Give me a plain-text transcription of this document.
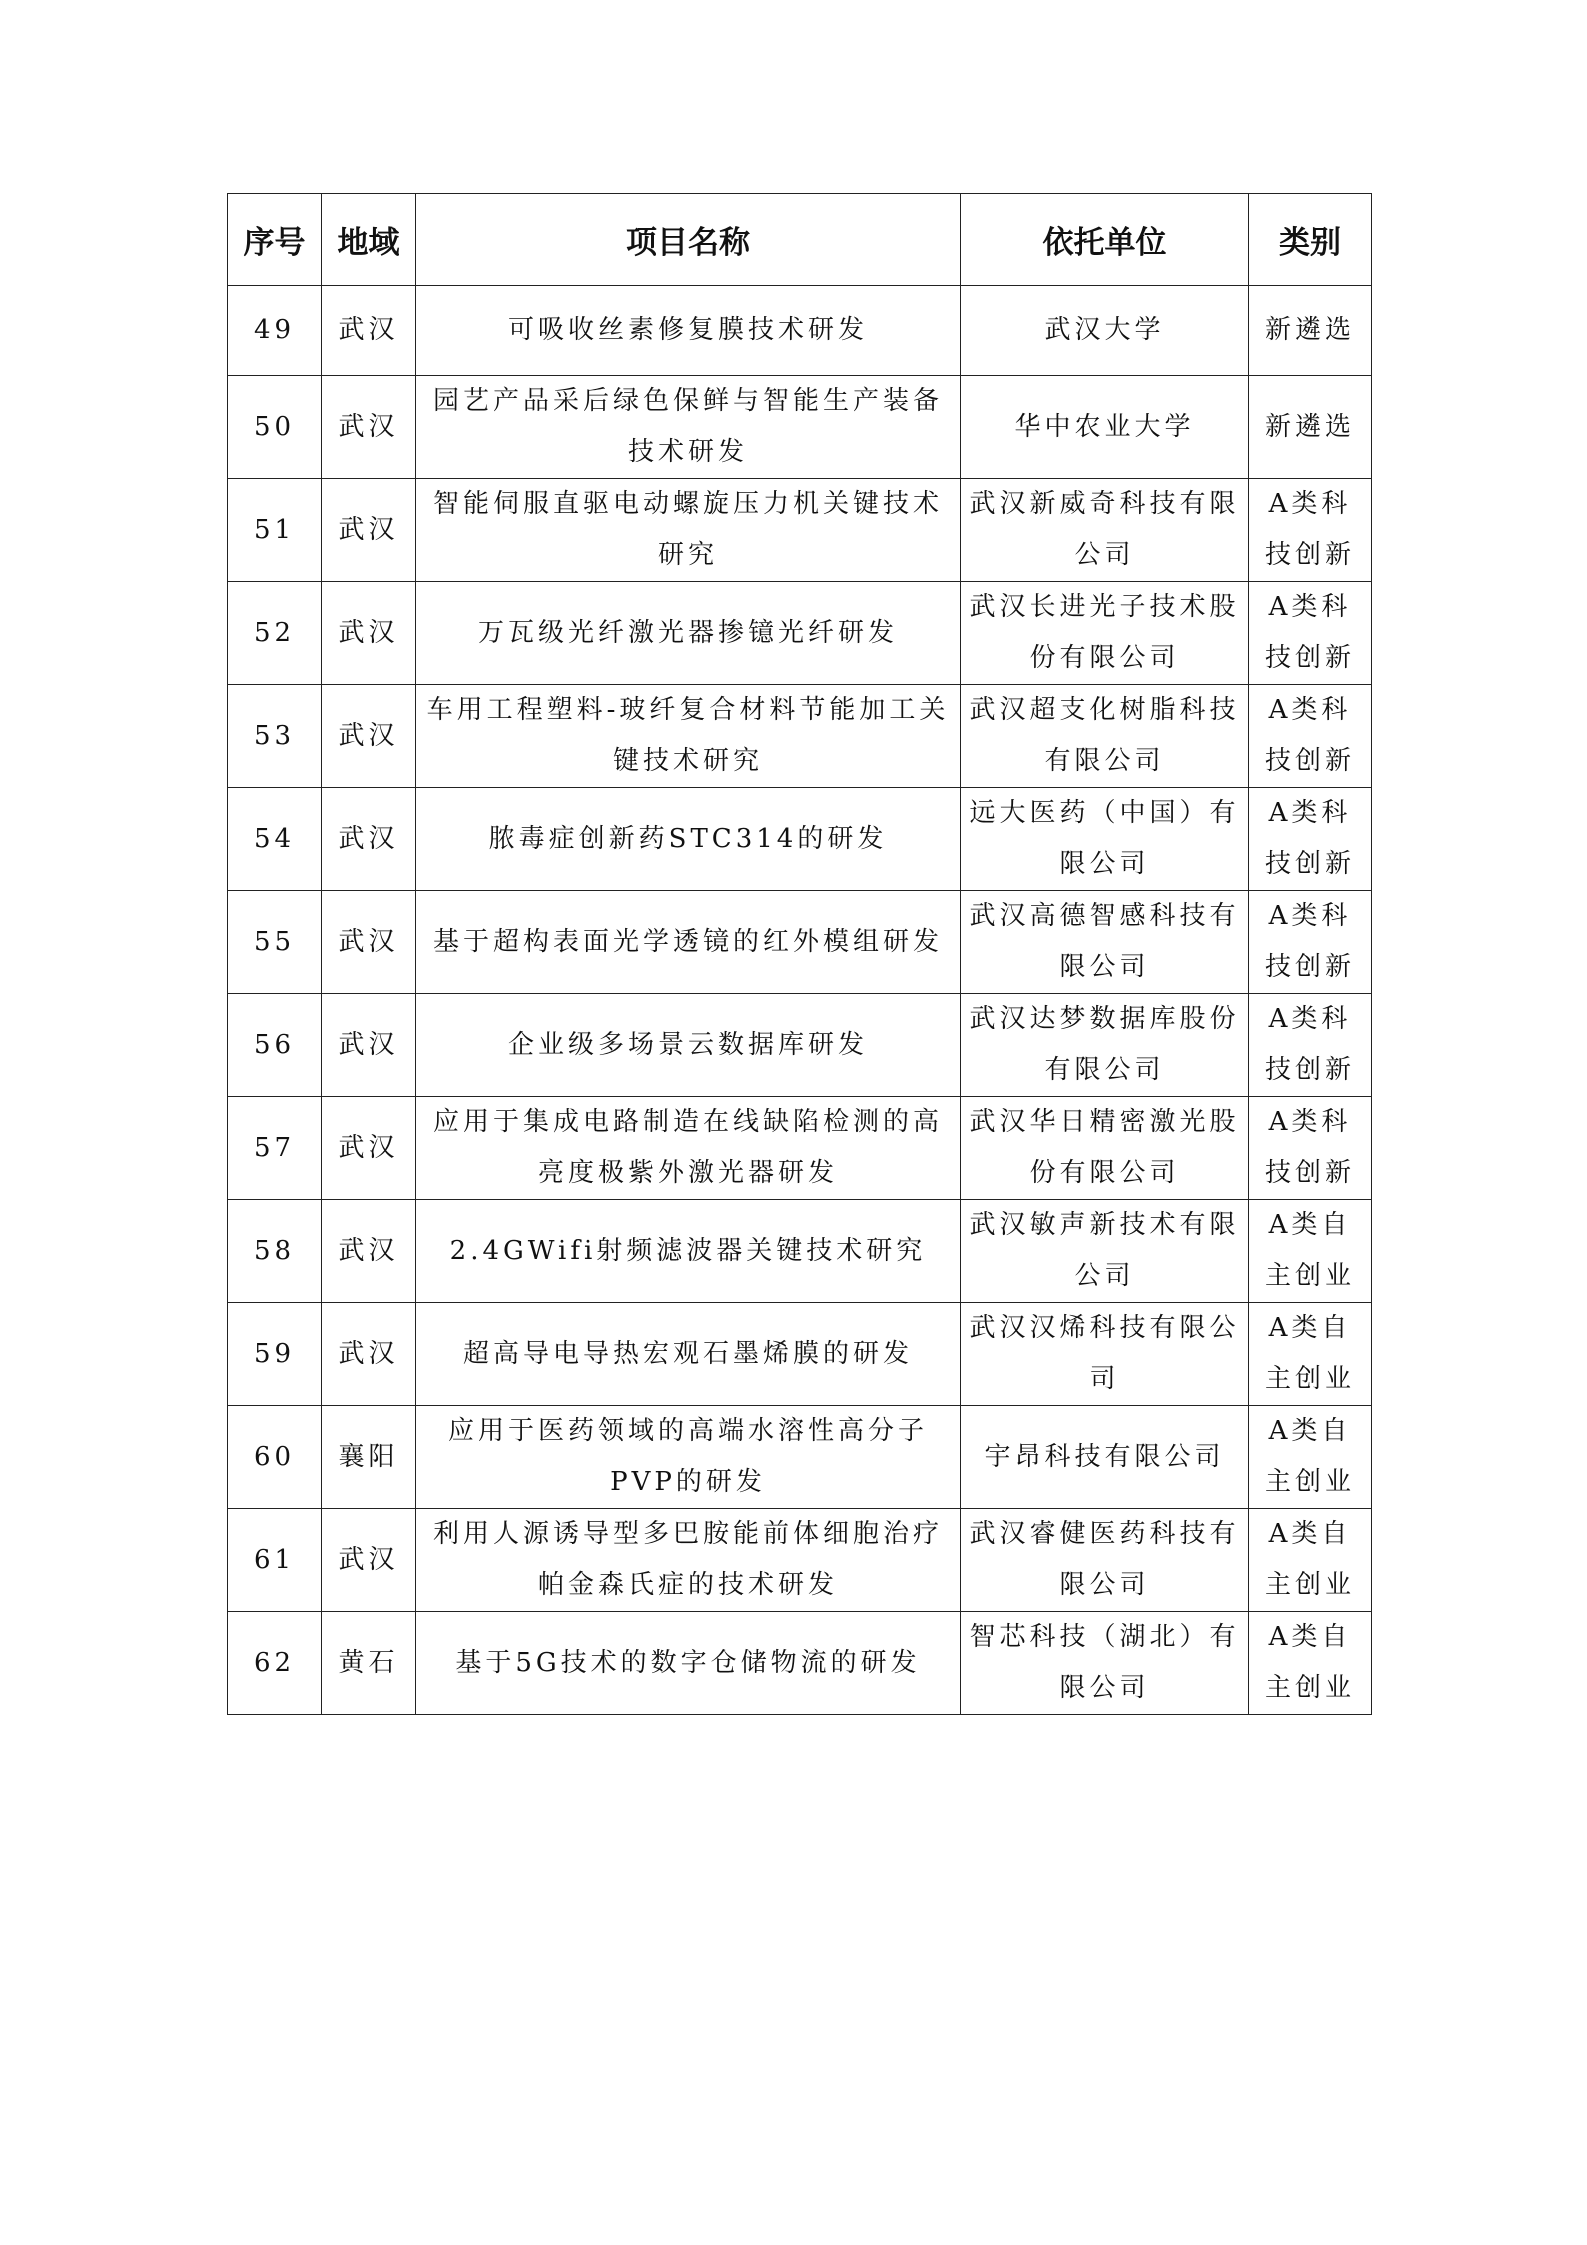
序号	地域	项目名称	依托单位	类别
49	武汉	可吸收丝素修复膜技术研发	武汉大学	新遴选
50	武汉	园艺产品采后绿色保鲜与智能生产装备技术研发	华中农业大学	新遴选
51	武汉	智能伺服直驱电动螺旋压力机关键技术研究	武汉新威奇科技有限公司	A类科技创新
52	武汉	万瓦级光纤激光器掺镱光纤研发	武汉长进光子技术股份有限公司	A类科技创新
53	武汉	车用工程塑料-玻纤复合材料节能加工关键技术研究	武汉超支化树脂科技有限公司	A类科技创新
54	武汉	脓毒症创新药STC314的研发	远大医药（中国）有限公司	A类科技创新
55	武汉	基于超构表面光学透镜的红外模组研发	武汉高德智感科技有限公司	A类科技创新
56	武汉	企业级多场景云数据库研发	武汉达梦数据库股份有限公司	A类科技创新
57	武汉	应用于集成电路制造在线缺陷检测的高亮度极紫外激光器研发	武汉华日精密激光股份有限公司	A类科技创新
58	武汉	2.4GWifi射频滤波器关键技术研究	武汉敏声新技术有限公司	A类自主创业
59	武汉	超高导电导热宏观石墨烯膜的研发	武汉汉烯科技有限公司	A类自主创业
60	襄阳	应用于医药领域的高端水溶性高分子PVP的研发	宇昂科技有限公司	A类自主创业
61	武汉	利用人源诱导型多巴胺能前体细胞治疗帕金森氏症的技术研发	武汉睿健医药科技有限公司	A类自主创业
62	黄石	基于5G技术的数字仓储物流的研发	智芯科技（湖北）有限公司	A类自主创业
